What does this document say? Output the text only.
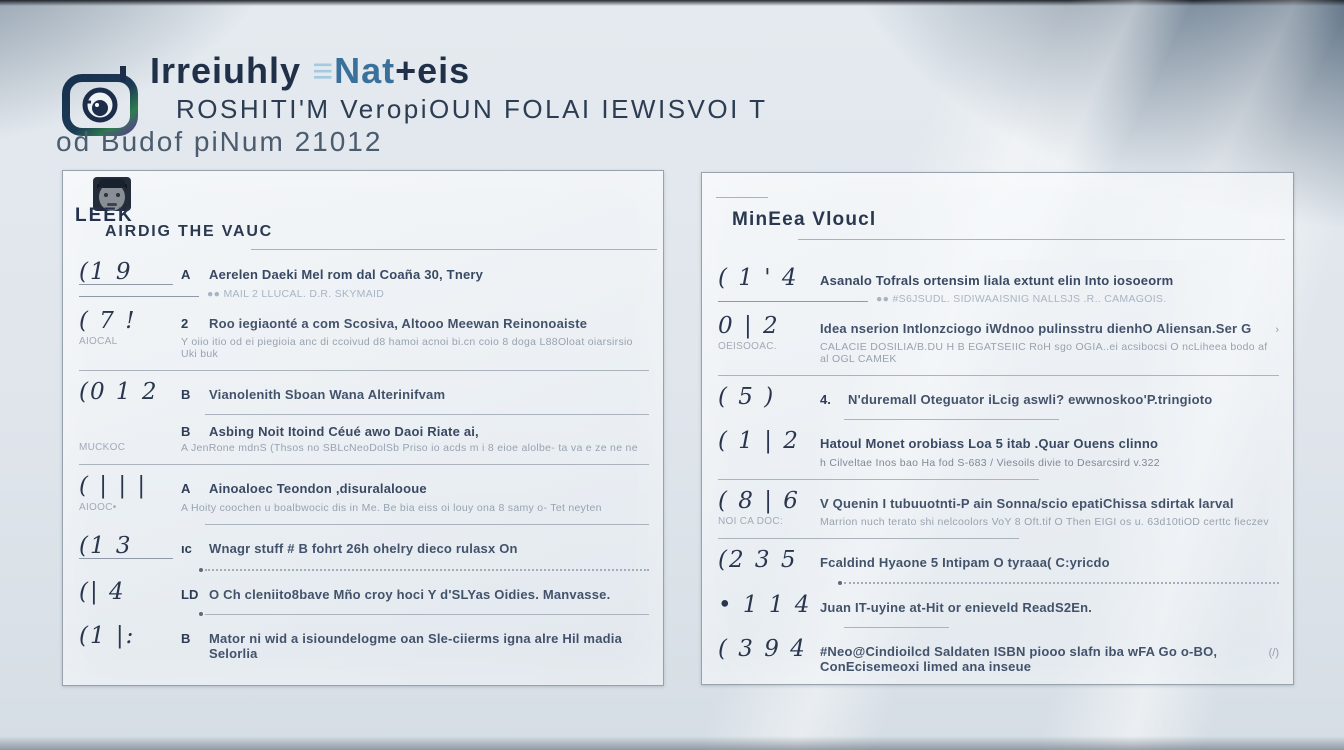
Irreiuhly ≡Nat+eis
ROSHITI'M VeropiOUN FOLAI IEWISVOI T
od Budof piNum 21012
LEEK
AIRDIG THE VAUC
(1 9	A	Aerelen Daeki Mel rom dal Coaña 30, Tnery
●● MAIL 2 LLUCAL. D.R. SKYMAID
( 7 !	2	Roo iegiaonté a com Scosiva, Altooo Meewan Reinonoaiste
AIOCAL	Y oiio itio od ei piegioia anc di ccoivud d8 hamoi acnoi bi.cn coio 8 doga L88Oloat oiarsirsio Uki buk
(0 1 2	B	Vianolenith Sboan Wana Alterinifvam
B	Asbing Noit Itoind Céué awo Daoi Riate ai,
MUCKOC	A JenRone mdnS (Thsos no SBLcNeoDolSb Priso io acds m i 8 eioe alolbe- ta va e ze ne ne
( | | |	A	Ainoaloec Teondon ,disuralalooue
AIOOC•	A Hoity coochen u boalbwocic dis in Me. Be bia eiss oi louy ona 8 samy o- Tet neyten
(1 3	ıc	Wnagr stuff # B fohrt 26h ohelry dieco rulasx On
(| 4	LD O Ch cleniito8bave Mño croy hoci Y d'SLYas Oidies. Manvasse.
(1 |:	B	Mator ni wid a isioundelogme oan Sle-ciierms igna alre Hil madia Selorlia
MinEea Vloucl
( 1 ' 4	Asanalo Tofrals ortensim liala extunt elin Into iosoeorm
●● #S6JSUDL. SIDIWAAISNIG NALLSJS .R.. CAMAGOIS.
0 | 2	Idea nserion Intlonzciogo iWdnoo pulinsstru dienhO Aliensan.Ser G ›
OEISOOAC.	CALACIE DOSILIA/B.DU H B EGATSEIIC RoH sgo OGIA..ei acsibocsi O ncLiheea bodo af al OGL CAMEK
( 5 )	4.	N'duremall Oteguator iLcig aswli? ewwnoskoo'P.tringioto
( 1 | 2	Hatoul Monet orobiass Loa 5 itab .Quar Ouens clinno
h Cilveltae Inos bao Ha fod S-683 / Viesoils divie to Desarcsird v.322
( 8 | 6	V Quenin I tubuuotnti-P ain Sonna/scio epatiChissa sdirtak larval
NOI CA DOC:	Marrion nuch terato shi nelcoolors VoY 8 Oft.tif O Then EIGI os u. 63d10tiOD certtc fieczev
(2 3 5	Fcaldind Hyaone 5 Intipam O tyraaa( C:yricdo
• 1 1 4 Juan IT-uyine at-Hit or enieveld ReadS2En.
( 3 9 4	#Neo@Cindioilcd Saldaten ISBN piooo slafn iba wFA Go o-BO, ConEcisemeoxi limed ana inseue
(/)
